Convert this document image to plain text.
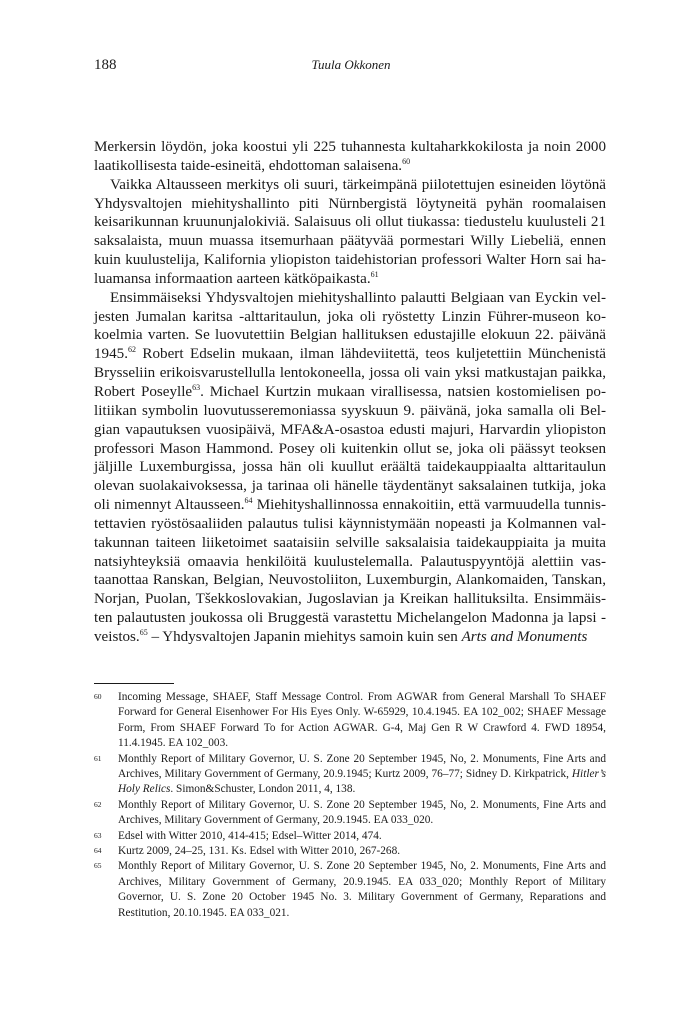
188	Tuula Okkonen

Merkersin löydön, joka koostui yli 225 tuhannesta kultaharkkokilosta ja noin 2000 laatikollisesta taide-esineitä, ehdottoman salaisena.$^{60}$

Vaikka Altausseen merkitys oli suuri, tärkeimpänä piilotettujen esineiden löytönä Yhdysvaltojen miehityshallinto piti Nürnbergistä löytyneitä pyhän roomalaisen keisarikunnan kruununjalokiviä. Salaisuus oli ollut tiukassa: tiedustelu kuulusteli 21 saksalaista, muun muassa itsemurhaan päätyvää pormestari Willy Liebeliä, ennen kuin kuulustelija, Kalifornia yliopiston taidehistorian professori Walter Horn sai haluamansa informaation aarteen kätköpaikasta.$^{61}$

Ensimmäiseksi Yhdysvaltojen miehityshallinto palautti Belgiaan van Eyckin veljesten Jumalan karitsa -alttaritaulun, joka oli ryöstetty Linzin Führer-museon kokoelmia varten. Se luovutettiin Belgian hallituksen edustajille elokuun 22. päivänä 1945.62 Robert Edselin mukaan, ilman lähdeviitettä, teos kuljetettiin Münchenistä Brysseliin erikoisvarustellulla lentokoneella, jossa oli vain yksi matkustajan paikka, Robert Poseylle$^{63}$. Michael Kurtzin mukaan virallisessa, natsien kostomielisen politiikan symbolin luovutusseremoniassa syyskuun 9. päivänä, joka samalla oli Belgian vapautuksen vuosipäivä, MFA&A-osastoa edusti majuri, Harvardin yliopiston professori Mason Hammond. Posey oli kuitenkin ollut se, joka oli päässyt teoksen jäljille Luxemburgissa, jossa hän oli kuullut eräältä taidekauppiaalta alttaritaulun olevan suolakaivoksessa, ja tarinaa oli hänelle täydentänyt saksalainen tutkija, joka oli nimennyt Altausseen.$^{64}$ Miehityshallinnossa ennakoitiin, että varmuudella tunnistettavien ryöstösaaliiden palautus tulisi käynnistymään nopeasti ja Kolmannen valtakunnan taiteen liiketoimet saataisiin selville saksalaisia taidekauppiaita ja muita natsiyhteyksiä omaavia henkilöitä kuulustelemalla. Palautuspyyntöjä alettiin vastaanottaa Ranskan, Belgian, Neuvostoliiton, Luxemburgin, Alankomaiden, Tanskan, Norjan, Puolan, Tšekkoslovakian, Jugoslavian ja Kreikan hallituksilta. Ensimmäisten palautusten joukossa oli Bruggestä varastettu Michelangelon Madonna ja lapsi -veistos.$^{65}$ – Yhdysvaltojen Japanin miehitys samoin kuin sen Arts and Monuments

60 Incoming Message, SHAEF, Staff Message Control. From AGWAR from General Marshall To SHAEF Forward for General Eisenhower For His Eyes Only. W-65929, 10.4.1945. EA 102_002; SHAEF Message Form, From SHAEF Forward To for Action AGWAR. G-4, Maj Gen R W Crawford 4. FWD 18954, 11.4.1945. EA 102_003.

61 Monthly Report of Military Governor, U. S. Zone 20 September 1945, No, 2. Monuments, Fine Arts and Archives, Military Government of Germany, 20.9.1945; Kurtz 2009, 76–77; Sidney D. Kirkpatrick, Hitler’s Holy Relics. Simon&Schuster, London 2011, 4, 138.

62 Monthly Report of Military Governor, U. S. Zone 20 September 1945, No, 2. Monuments, Fine Arts and Archives, Military Government of Germany, 20.9.1945. EA 033_020.

63 Edsel with Witter 2010, 414-415; Edsel–Witter 2014, 474.

64 Kurtz 2009, 24–25, 131. Ks. Edsel with Witter 2010, 267-268.

65 Monthly Report of Military Governor, U. S. Zone 20 September 1945, No, 2. Monuments, Fine Arts and Archives, Military Government of Germany, 20.9.1945. EA 033_020; Monthly Report of Military Governor, U. S. Zone 20 October 1945 No. 3. Military Government of Germany, Reparations and Restitution, 20.10.1945. EA 033_021.
